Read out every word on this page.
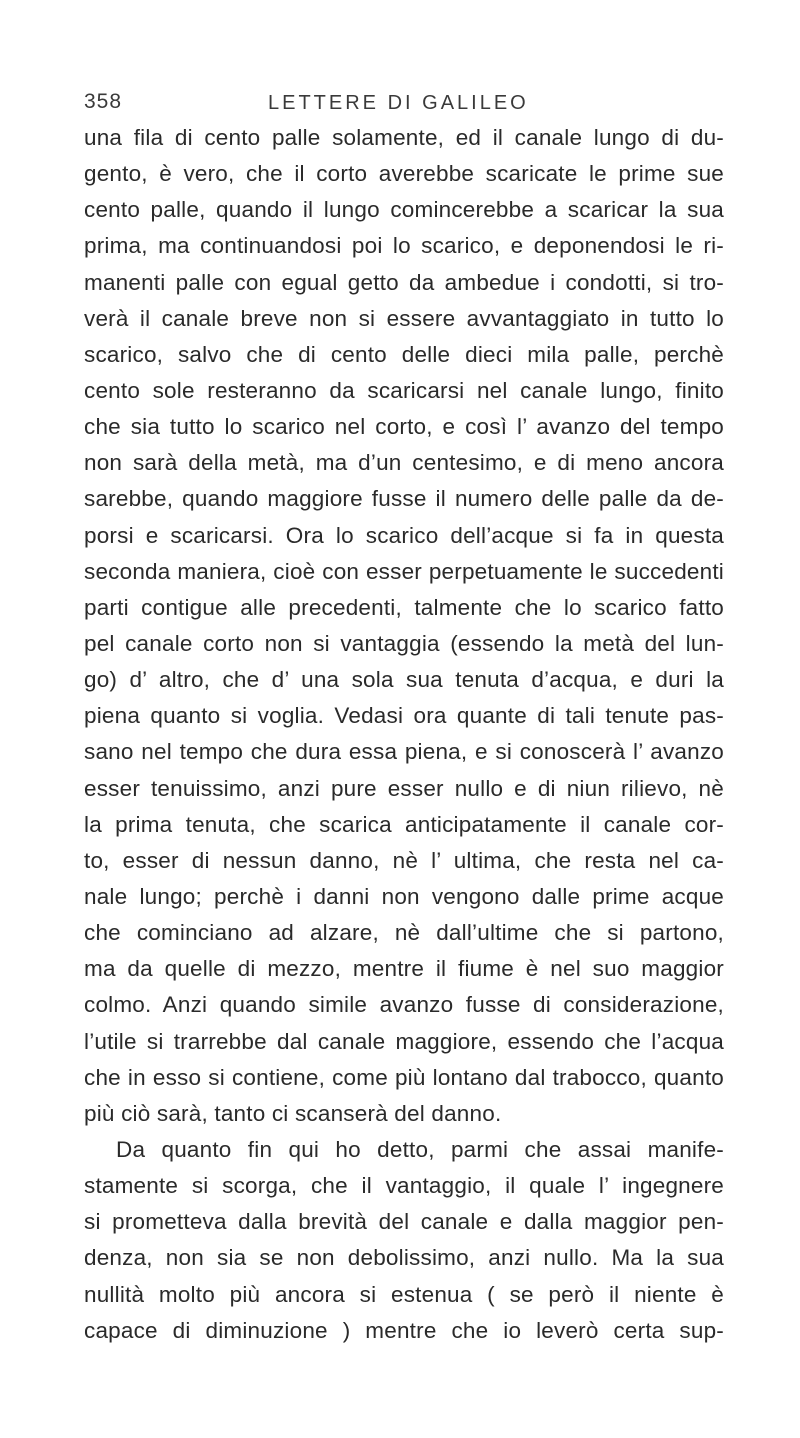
358	LETTERE DI GALILEO
una fila di cento palle solamente, ed il canale lungo di du-
gento, è vero, che il corto averebbe scaricate le prime sue
cento palle, quando il lungo comincerebbe a scaricar la sua
prima, ma continuandosi poi lo scarico, e deponendosi le ri-
manenti palle con egual getto da ambedue i condotti, si tro-
verà il canale breve non si essere avvantaggiato in tutto lo
scarico, salvo che di cento delle dieci mila palle, perchè
cento sole resteranno da scaricarsi nel canale lungo, finito
che sia tutto lo scarico nel corto, e così l’ avanzo del tempo
non sarà della metà, ma d’un centesimo, e di meno ancora
sarebbe, quando maggiore fusse il numero delle palle da de-
porsi e scaricarsi. Ora lo scarico dell’acque si fa in questa
seconda maniera, cioè con esser perpetuamente le succedenti
parti contigue alle precedenti, talmente che lo scarico fatto
pel canale corto non si vantaggia (essendo la metà del lun-
go) d’ altro, che d’ una sola sua tenuta d’acqua, e duri la
piena quanto si voglia. Vedasi ora quante di tali tenute pas-
sano nel tempo che dura essa piena, e si conoscerà l’ avanzo
esser tenuissimo, anzi pure esser nullo e di niun rilievo, nè
la prima tenuta, che scarica anticipatamente il canale cor-
to, esser di nessun danno, nè l’ ultima, che resta nel ca-
nale lungo; perchè i danni non vengono dalle prime acque
che cominciano ad alzare, nè dall’ultime che si partono,
ma da quelle di mezzo, mentre il fiume è nel suo maggior
colmo. Anzi quando simile avanzo fusse di considerazione,
l’utile si trarrebbe dal canale maggiore, essendo che l’acqua
che in esso si contiene, come più lontano dal trabocco, quanto
più ciò sarà, tanto ci scanserà del danno.
Da quanto fin qui ho detto, parmi che assai manife-
stamente si scorga, che il vantaggio, il quale l’ ingegnere
si prometteva dalla brevità del canale e dalla maggior pen-
denza, non sia se non debolissimo, anzi nullo. Ma la sua
nullità molto più ancora si estenua ( se però il niente è
capace di diminuzione ) mentre che io leverò certa sup-
